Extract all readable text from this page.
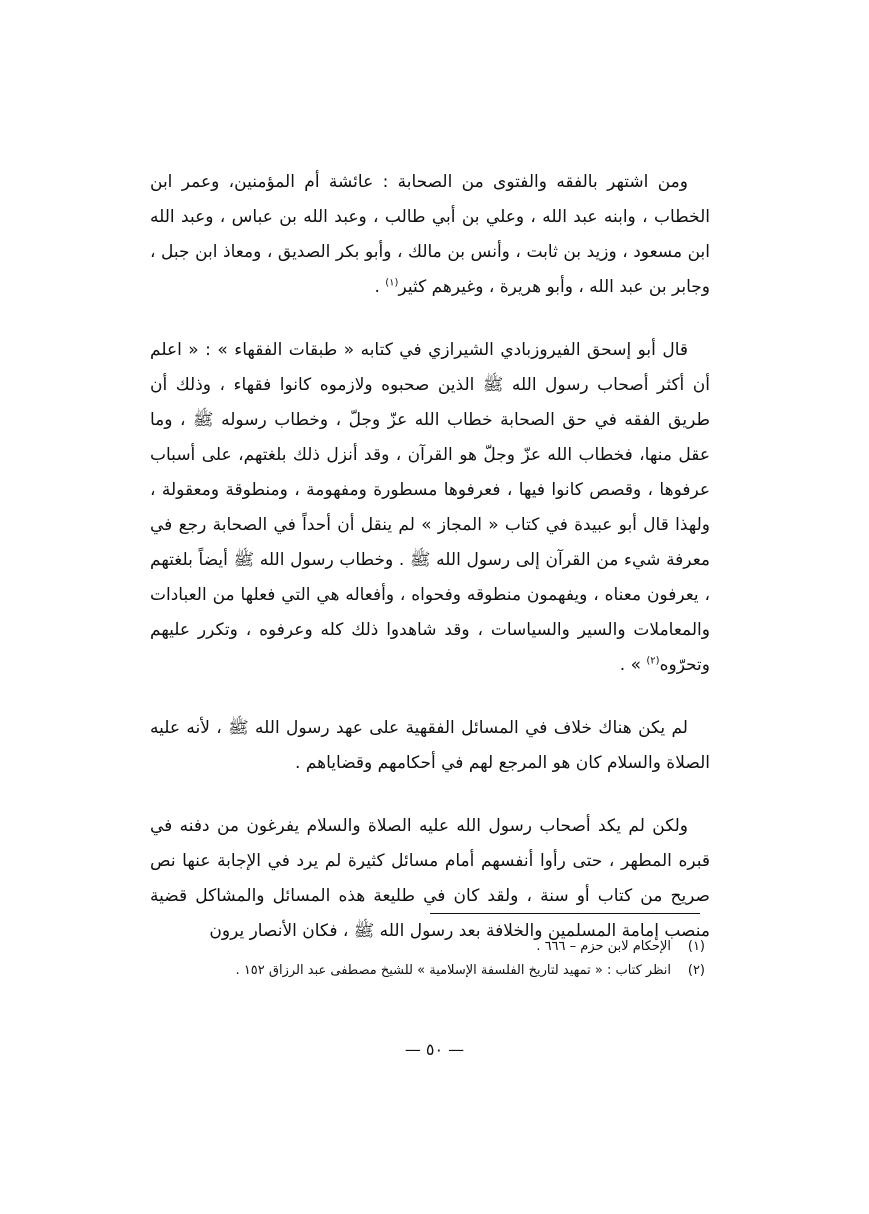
ومن اشتهر بالفقه والفتوى من الصحابة : عائشة أم المؤمنين، وعمر ابن الخطاب ، وابنه عبد الله ، وعلي بن أبي طالب ، وعبد الله بن عباس ، وعبد الله ابن مسعود ، وزيد بن ثابت ، وأنس بن مالك ، وأبو بكر الصديق ، ومعاذ ابن جبل ، وجابر بن عبد الله ، وأبو هريرة ، وغيرهم كثير$^{(١)}$ .

قال أبو إسحق الفيروزبادي الشيرازي في كتابه « طبقات الفقهاء » : « اعلم أن أكثر أصحاب رسول الله ﷺ الذين صحبوه ولازموه كانوا فقهاء ، وذلك أن طريق الفقه في حق الصحابة خطاب الله عزّ وجلّ ، وخطاب رسوله ﷺ ، وما عقل منها، فخطاب الله عزّ وجلّ هو القرآن ، وقد أنزل ذلك بلغتهم، على أسباب عرفوها ، وقصص كانوا فيها ، فعرفوها مسطورة ومفهومة ، ومنطوقة ومعقولة ، ولهذا قال أبو عبيدة في كتاب « المجاز » لم ينقل أن أحداً في الصحابة رجع في معرفة شيء من القرآن إلى رسول الله ﷺ . وخطاب رسول الله ﷺ أيضاً بلغتهم ، يعرفون معناه ، ويفهمون منطوقه وفحواه ، وأفعاله هي التي فعلها من العبادات والمعاملات والسير والسياسات ، وقد شاهدوا ذلك كله وعرفوه ، وتكرر عليهم وتحرّوه$^{(٢)}$ » .

لم يكن هناك خلاف في المسائل الفقهية على عهد رسول الله ﷺ ، لأنه عليه الصلاة والسلام كان هو المرجع لهم في أحكامهم وقضاياهم .

ولكن لم يكد أصحاب رسول الله عليه الصلاة والسلام يفرغون من دفنه في قبره المطهر ، حتى رأوا أنفسهم أمام مسائل كثيرة لم يرد في الإجابة عنها نص صريح من كتاب أو سنة ، ولقد كان في طليعة هذه المسائل والمشاكل قضية منصب إمامة المسلمين والخلافة بعد رسول الله ﷺ ، فكان الأنصار يرون

(١)
الإحكام لابن حزم – ٦٦٦ .
(٢)
انظر كتاب : « تمهيد لتاريخ الفلسفة الإسلامية » للشيخ مصطفى عبد الرزاق ١٥٢ .
— ٥٠ —
